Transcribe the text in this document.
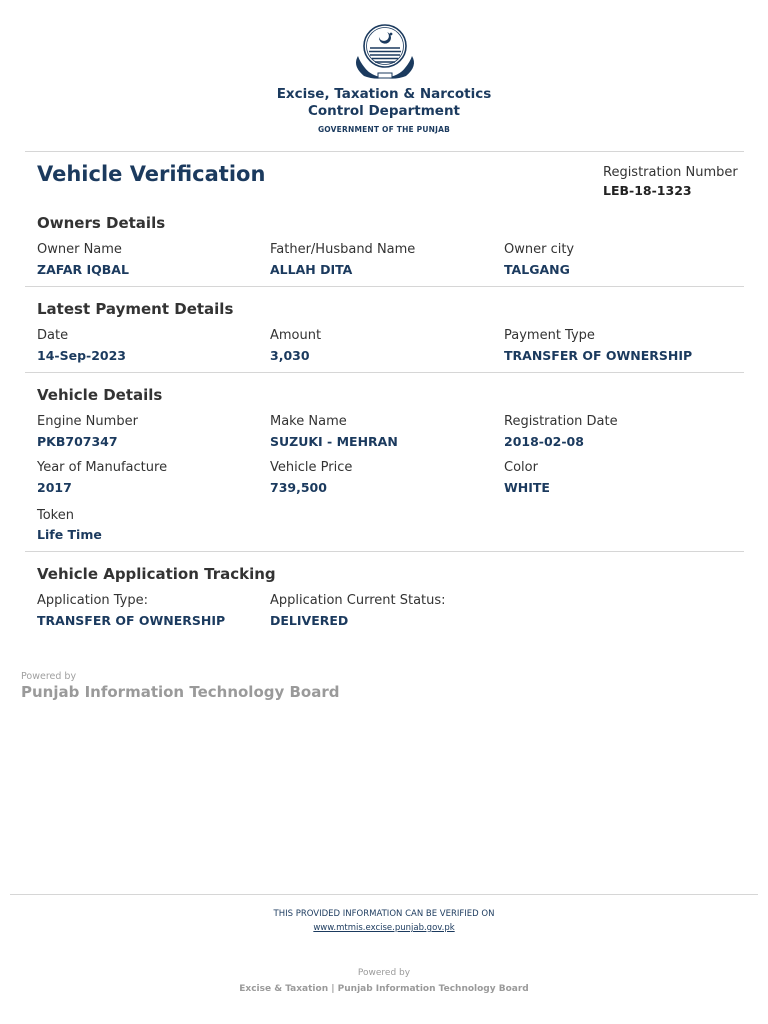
Excise, Taxation & Narcotics
Control Department
GOVERNMENT OF THE PUNJAB
Vehicle Verification	Registration Number
LEB-18-1323
Owners Details
Owner Name
ZAFAR IQBAL
Father/Husband Name
ALLAH DITA
Owner city
TALGANG
Latest Payment Details
Date
14-Sep-2023
Amount
3,030
Payment Type
TRANSFER OF OWNERSHIP
Vehicle Details
Engine Number
PKB707347
Make Name
SUZUKI - MEHRAN
Registration Date
2018-02-08
Year of Manufacture
2017
Vehicle Price
739,500
Color
WHITE
Token
Life Time
Vehicle Application Tracking
Application Type:
TRANSFER OF OWNERSHIP
Application Current Status:
DELIVERED
Powered by
Punjab Information Technology Board
THIS PROVIDED INFORMATION CAN BE VERIFIED ON
www.mtmis.excise.punjab.gov.pk
Powered by
Excise & Taxation | Punjab Information Technology Board
